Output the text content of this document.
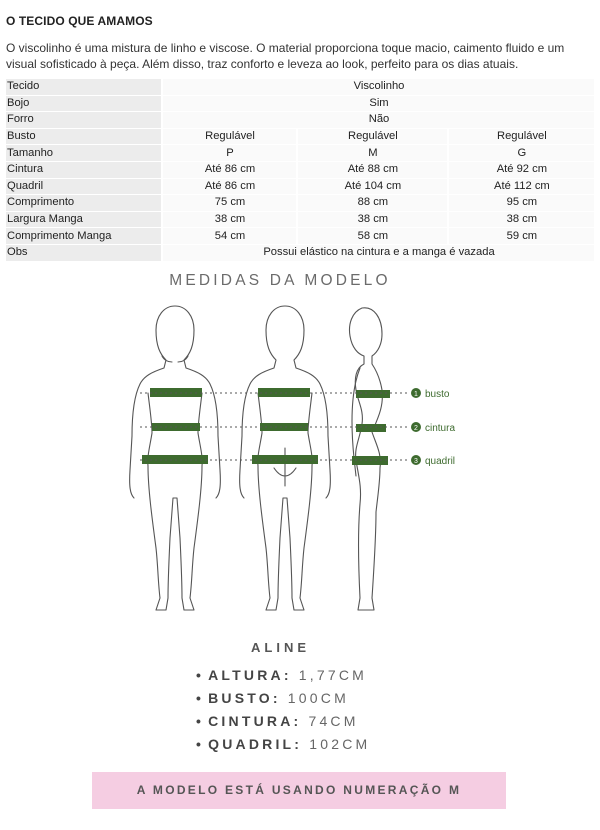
O TECIDO QUE AMAMOS
O viscolinho é uma mistura de linho e viscose. O material proporciona toque macio, caimento fluido e um visual sofisticado à peça. Além disso, traz conforto e leveza ao look, perfeito para os dias atuais.
Tecido	Viscolinho		
Bojo	Sim		
Forro	Não		
Busto	Regulável	Regulável	Regulável
Tamanho	P	M	G
Cintura	Até 86 cm	Até 88 cm	Até 92 cm
Quadril	Até 86 cm	Até 104 cm	Até 112 cm
Comprimento	75 cm	88 cm	95 cm
Largura Manga	38 cm	38 cm	38 cm
Comprimento Manga	54 cm	58 cm	59 cm
Obs	Possui elástico na cintura e a manga é vazada		
MEDIDAS DA MODELO
1 busto
2 cintura
3 quadril
ALINE
• ALTURA: 1,77CM
• BUSTO: 100CM
• CINTURA: 74CM
• QUADRIL: 102CM
A MODELO ESTÁ USANDO NUMERAÇÃO M
